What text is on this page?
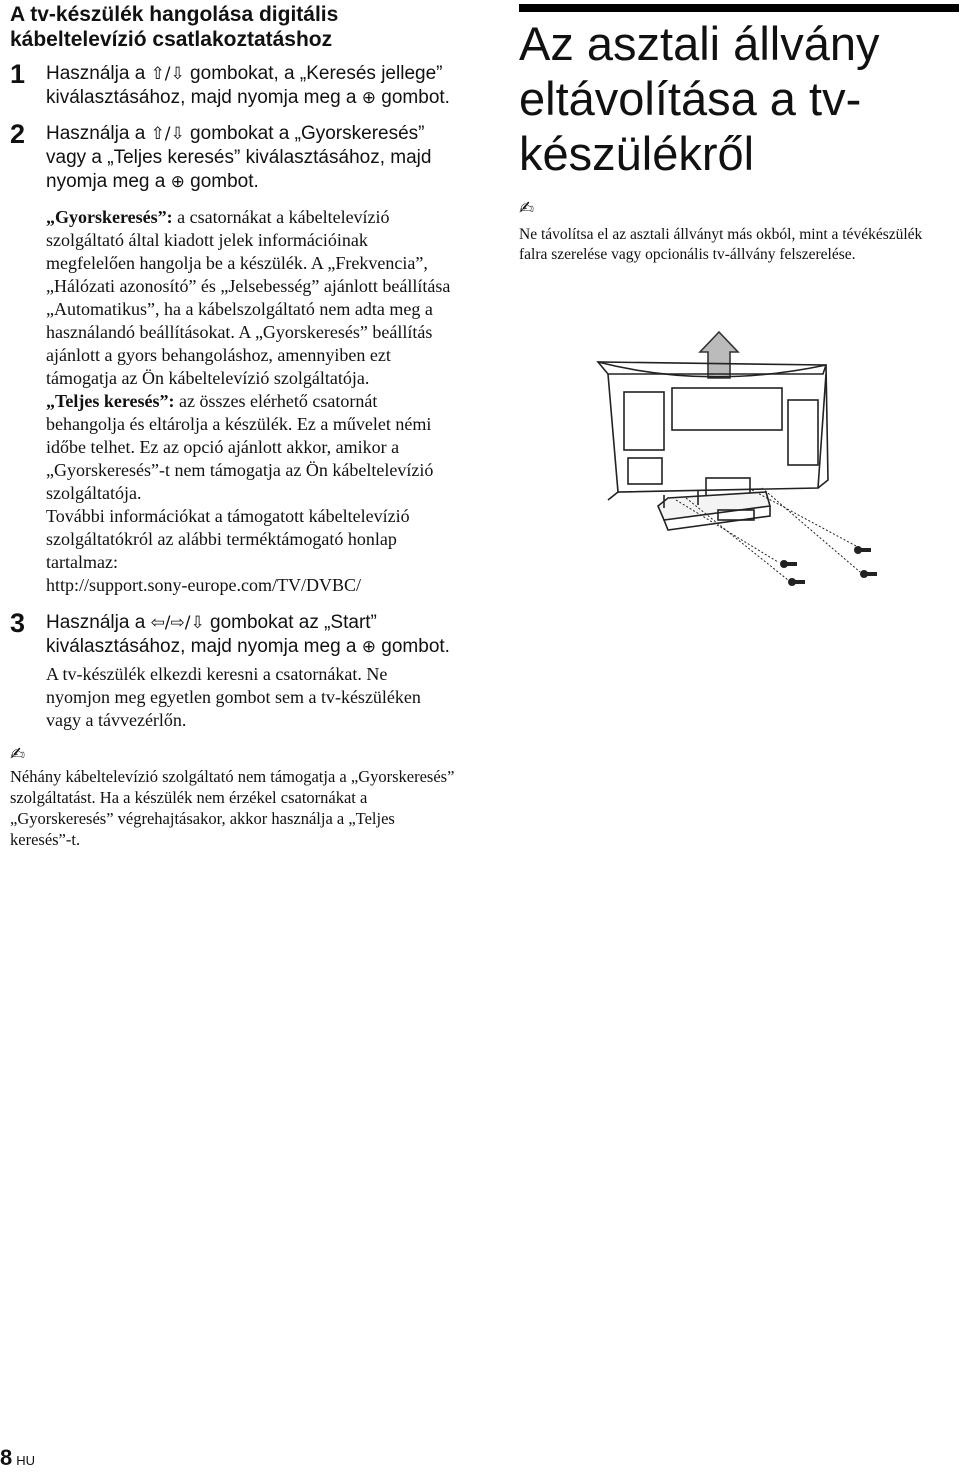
A tv-készülék hangolása digitális kábeltelevízió csatlakoztatáshoz
1 Használja a ⇧/⇩ gombokat, a „Keresés jellege” kiválasztásához, majd nyomja meg a ⊕ gombot.
2 Használja a ⇧/⇩ gombokat a „Gyorskeresés” vagy a „Teljes keresés” kiválasztásához, majd nyomja meg a ⊕ gombot.
„Gyorskeresés”: a csatornákat a kábeltelevízió szolgáltató által kiadott jelek információinak megfelelően hangolja be a készülék. A „Frekvencia”, „Hálózati azonosító” és „Jelsebesség” ajánlott beállítása „Automatikus”, ha a kábelszolgáltató nem adta meg a használandó beállításokat. A „Gyorskeresés” beállítás ajánlott a gyors behangoláshoz, amennyiben ezt támogatja az Ön kábeltelevízió szolgáltatója.
„Teljes keresés”: az összes elérhető csatornát behangolja és eltárolja a készülék. Ez a művelet némi időbe telhet. Ez az opció ajánlott akkor, amikor a „Gyorskeresés”-t nem támogatja az Ön kábeltelevízió szolgáltatója.
További információkat a támogatott kábeltelevízió szolgáltatókról az alábbi terméktámogató honlap tartalmaz:
http://support.sony-europe.com/TV/DVBC/
3 Használja a ⇦/⇨/⇩ gombokat az „Start” kiválasztásához, majd nyomja meg a ⊕ gombot.
A tv-készülék elkezdi keresni a csatornákat. Ne nyomjon meg egyetlen gombot sem a tv-készüléken vagy a távvezérlőn.
✍
Néhány kábeltelevízió szolgáltató nem támogatja a „Gyorskeresés” szolgáltatást. Ha a készülék nem érzékel csatornákat a „Gyorskeresés” végrehajtásakor, akkor használja a „Teljes keresés”-t.
Az asztali állvány eltávolítása a tv-készülékről
✍
Ne távolítsa el az asztali állványt más okból, mint a tévékészülék falra szerelése vagy opcionális tv-állvány felszerelése.
8 HU
